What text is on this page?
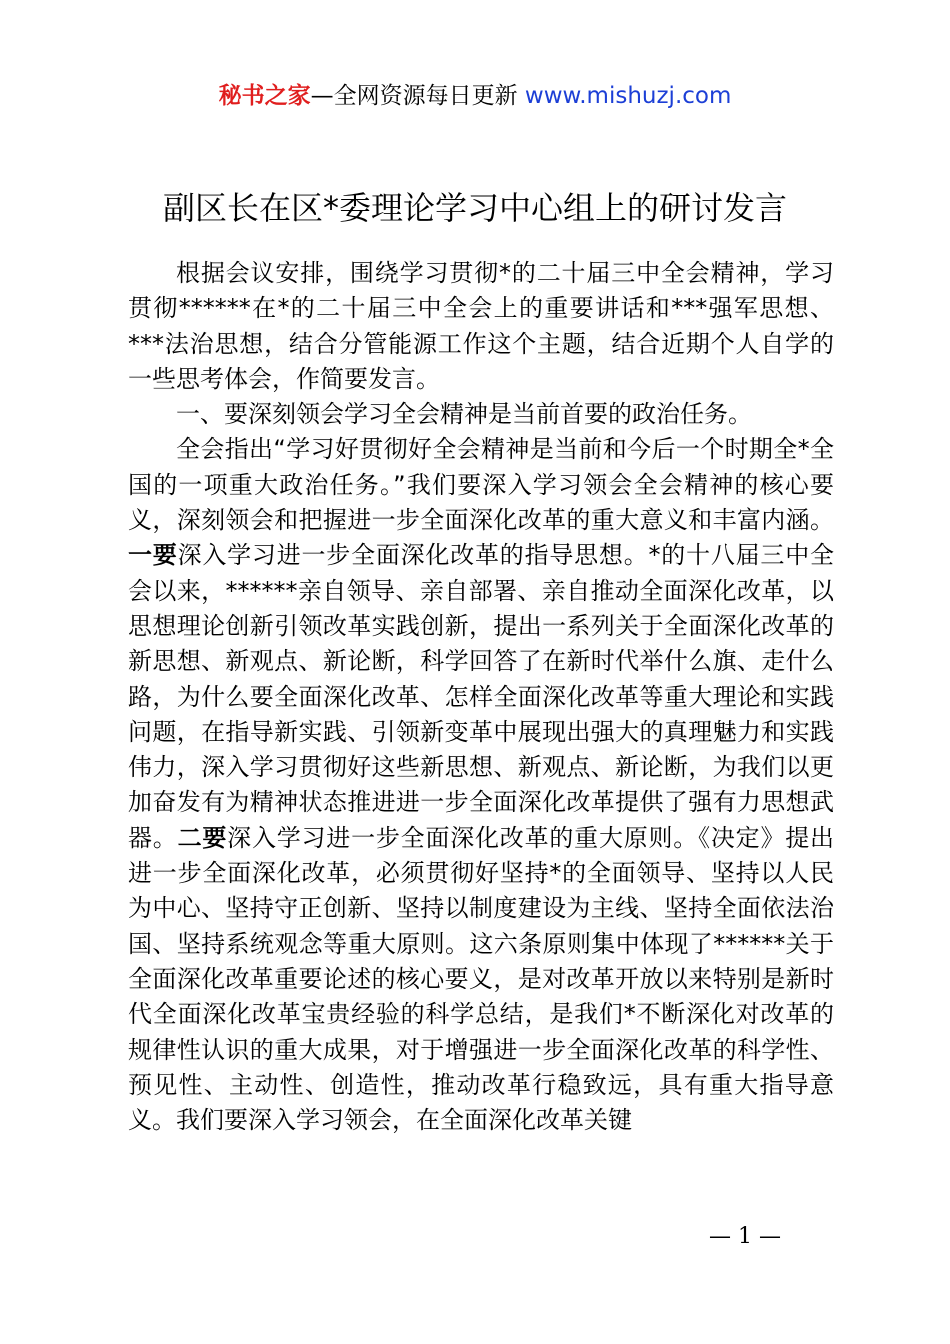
秘书之家—全网资源每日更新 www.mishuzj.com
副区长在区*委理论学习中心组上的研讨发言

根据会议安排，围绕学习贯彻*的二十届三中全会精神，学习贯彻******在*的二十届三中全会上的重要讲话和***强军思想、***法治思想，结合分管能源工作这个主题，结合近期个人自学的一些思考体会，作简要发言。

一、要深刻领会学习全会精神是当前首要的政治任务。

全会指出“学习好贯彻好全会精神是当前和今后一个时期全*全国的一项重大政治任务。”我们要深入学习领会全会精神的核心要义，深刻领会和把握进一步全面深化改革的重大意义和丰富内涵。一要深入学习进一步全面深化改革的指导思想。*的十八届三中全会以来，******亲自领导、亲自部署、亲自推动全面深化改革，以思想理论创新引领改革实践创新，提出一系列关于全面深化改革的新思想、新观点、新论断，科学回答了在新时代举什么旗、走什么路，为什么要全面深化改革、怎样全面深化改革等重大理论和实践问题，在指导新实践、引领新变革中展现出强大的真理魅力和实践伟力，深入学习贯彻好这些新思想、新观点、新论断，为我们以更加奋发有为精神状态推进进一步全面深化改革提供了强有力思想武器。二要深入学习进一步全面深化改革的重大原则。《决定》提出进一步全面深化改革，必须贯彻好坚持*的全面领导、坚持以人民为中心、坚持守正创新、坚持以制度建设为主线、坚持全面依法治国、坚持系统观念等重大原则。这六条原则集中体现了******关于全面深化改革重要论述的核心要义，是对改革开放以来特别是新时代全面深化改革宝贵经验的科学总结，是我们*不断深化对改革的规律性认识的重大成果，对于增强进一步全面深化改革的科学性、预见性、主动性、创造性，推动改革行稳致远，具有重大指导意义。我们要深入学习领会，在全面深化改革关键

— 1 —
